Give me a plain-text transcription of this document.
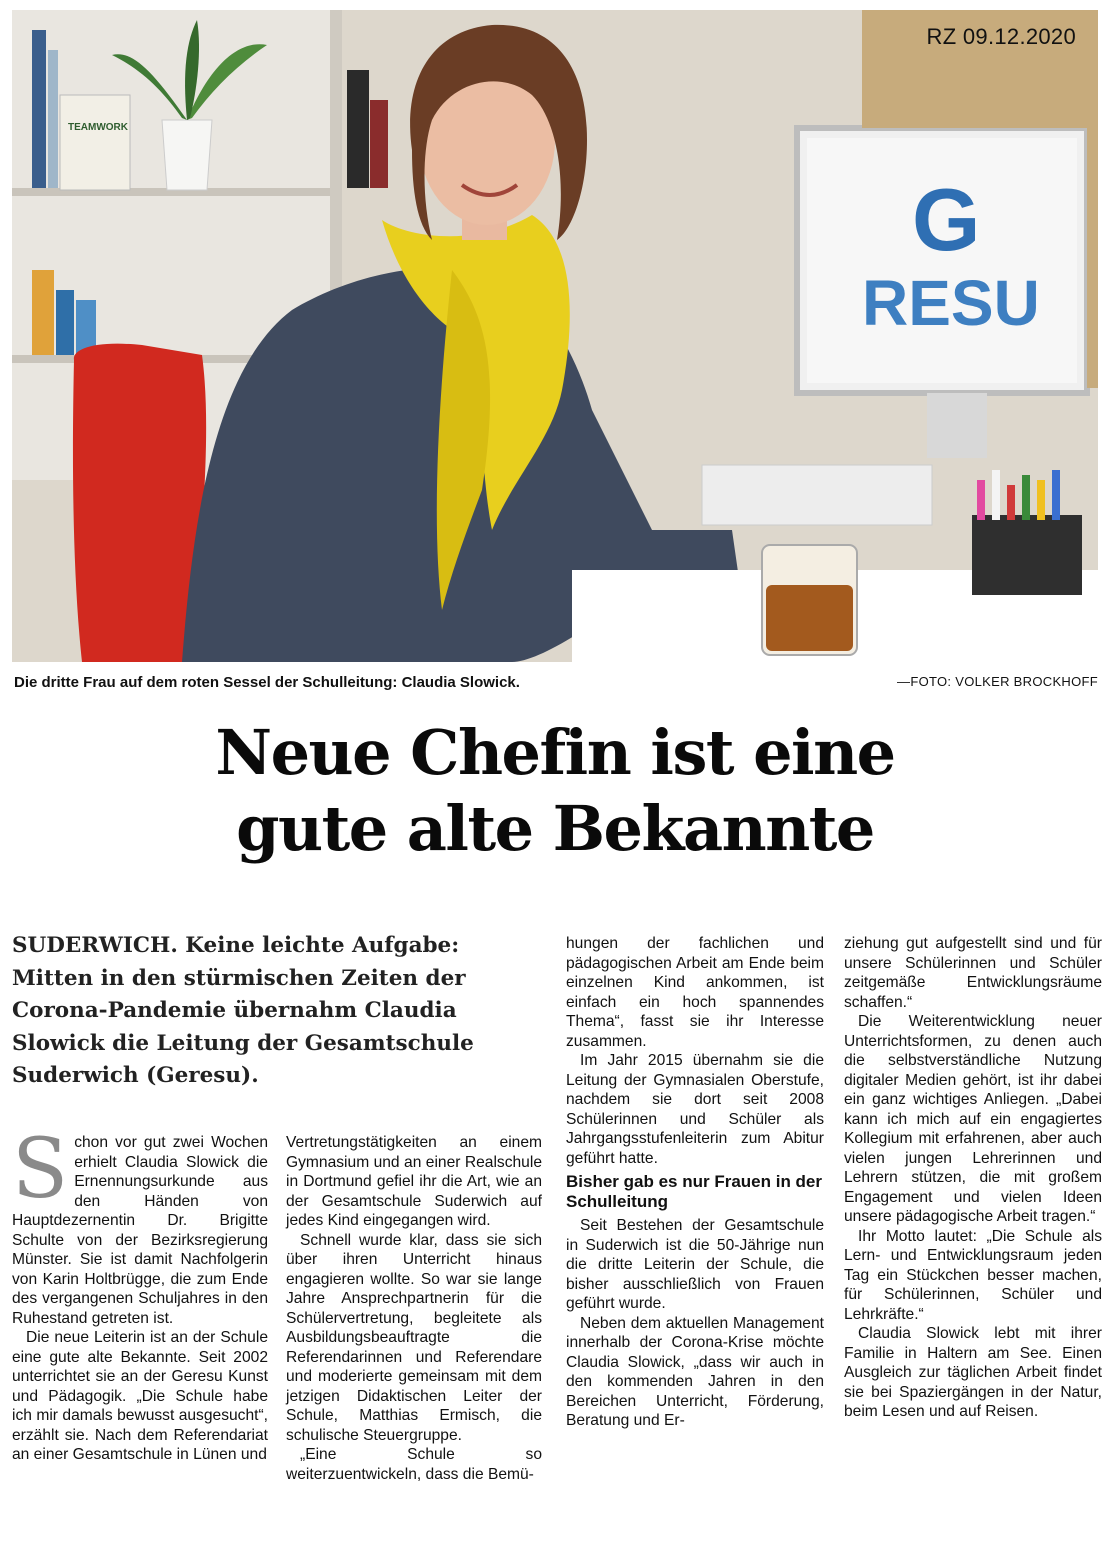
TEAMWORK
G
RESU
RZ 09.12.2020
Die dritte Frau auf dem roten Sessel der Schulleitung: Claudia Slowick.	—FOTO: VOLKER BROCKHOFF
Neue Chefin ist eine
gute alte Bekannte
SUDERWICH. Keine leichte Aufgabe: Mitten in den stürmischen Zeiten der Corona-Pandemie übernahm Claudia Slowick die Leitung der Gesamtschule Suderwich (Geresu).

Schon vor gut zwei Wochen erhielt Claudia Slowick die Ernennungsurkunde aus den Händen von Hauptdezernentin Dr. Brigitte Schulte von der Bezirksregierung Münster. Sie ist damit Nachfolgerin von Karin Holtbrügge, die zum Ende des vergangenen Schuljahres in den Ruhestand getreten ist.

Die neue Leiterin ist an der Schule eine gute alte Bekannte. Seit 2002 unterrichtet sie an der Geresu Kunst und Pädagogik. „Die Schule habe ich mir damals bewusst ausgesucht“, erzählt sie. Nach dem Referendariat an einer Gesamtschule in Lünen und

Vertretungstätigkeiten an einem Gymnasium und an einer Realschule in Dortmund gefiel ihr die Art, wie an der Gesamtschule Suderwich auf jedes Kind eingegangen wird.

Schnell wurde klar, dass sie sich über ihren Unterricht hinaus engagieren wollte. So war sie lange Jahre Ansprechpartnerin für die Schülervertretung, begleitete als Ausbildungsbeauftragte die Referendarinnen und Referendare und moderierte gemeinsam mit dem jetzigen Didaktischen Leiter der Schule, Matthias Ermisch, die schulische Steuergruppe.

„Eine Schule so weiterzuentwickeln, dass die Bemü-

hungen der fachlichen und pädagogischen Arbeit am Ende beim einzelnen Kind ankommen, ist einfach ein hoch spannendes Thema“, fasst sie ihr Interesse zusammen.

Im Jahr 2015 übernahm sie die Leitung der Gymnasialen Oberstufe, nachdem sie dort seit 2008 Schülerinnen und Schüler als Jahrgangsstufenleiterin zum Abitur geführt hatte.

Bisher gab es nur Frauen in der Schulleitung

Seit Bestehen der Gesamtschule in Suderwich ist die 50-Jährige nun die dritte Leiterin der Schule, die bisher ausschließlich von Frauen geführt wurde.

Neben dem aktuellen Management innerhalb der Corona-Krise möchte Claudia Slowick, „dass wir auch in den kommenden Jahren in den Bereichen Unterricht, Förderung, Beratung und Er-

ziehung gut aufgestellt sind und für unsere Schülerinnen und Schüler zeitgemäße Entwicklungsräume schaffen.“

Die Weiterentwicklung neuer Unterrichtsformen, zu denen auch die selbstverständliche Nutzung digitaler Medien gehört, ist ihr dabei ein ganz wichtiges Anliegen. „Dabei kann ich mich auf ein engagiertes Kollegium mit erfahrenen, aber auch vielen jungen Lehrerinnen und Lehrern stützen, die mit großem Engagement und vielen Ideen unsere pädagogische Arbeit tragen.“

Ihr Motto lautet: „Die Schule als Lern- und Entwicklungsraum jeden Tag ein Stückchen besser machen, für Schülerinnen, Schüler und Lehrkräfte.“

Claudia Slowick lebt mit ihrer Familie in Haltern am See. Einen Ausgleich zur täglichen Arbeit findet sie bei Spaziergängen in der Natur, beim Lesen und auf Reisen.
